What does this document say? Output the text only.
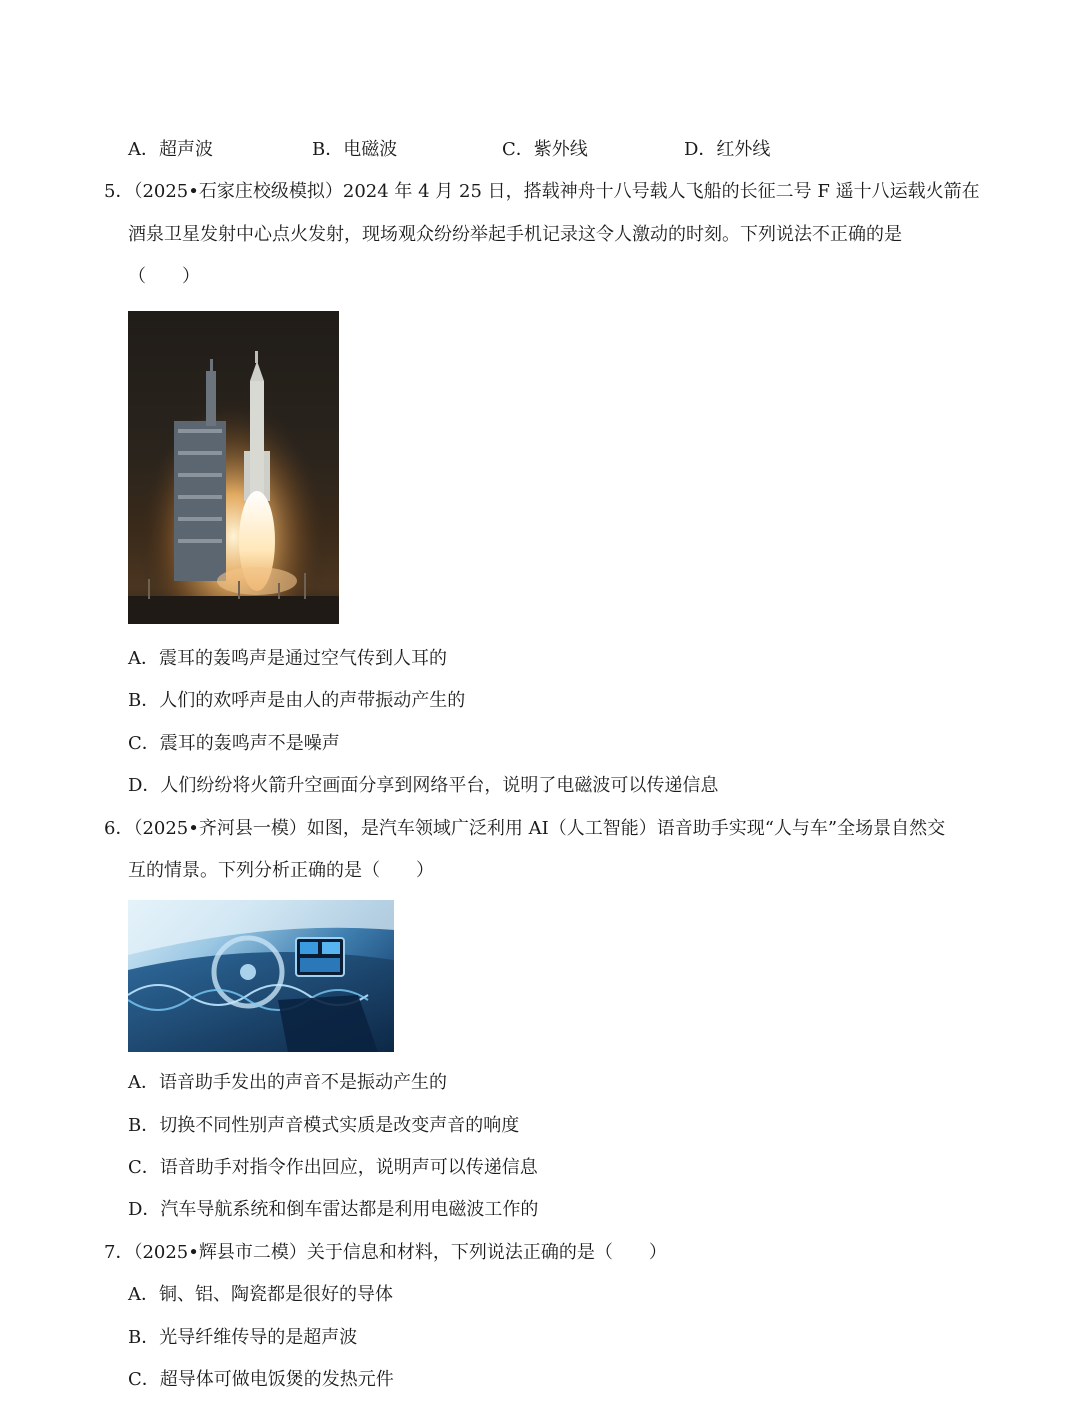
A．超声波	B．电磁波	C．紫外线	D．红外线
5．（2025•石家庄校级模拟）2024 年 4 月 25 日，搭载神舟十八号载人飞船的长征二号 F 遥十八运载火箭在
酒泉卫星发射中心点火发射，现场观众纷纷举起手机记录这令人激动的时刻。下列说法不正确的是
（　　）
A．震耳的轰鸣声是通过空气传到人耳的
B．人们的欢呼声是由人的声带振动产生的
C．震耳的轰鸣声不是噪声
D．人们纷纷将火箭升空画面分享到网络平台，说明了电磁波可以传递信息
6．（2025•齐河县一模）如图，是汽车领域广泛利用 AI（人工智能）语音助手实现“人与车”全场景自然交
互的情景。下列分析正确的是（　　）
A．语音助手发出的声音不是振动产生的
B．切换不同性别声音模式实质是改变声音的响度
C．语音助手对指令作出回应，说明声可以传递信息
D．汽车导航系统和倒车雷达都是利用电磁波工作的
7．（2025•辉县市二模）关于信息和材料，下列说法正确的是（　　）
A．铜、铝、陶瓷都是很好的导体
B．光导纤维传导的是超声波
C．超导体可做电饭煲的发热元件
